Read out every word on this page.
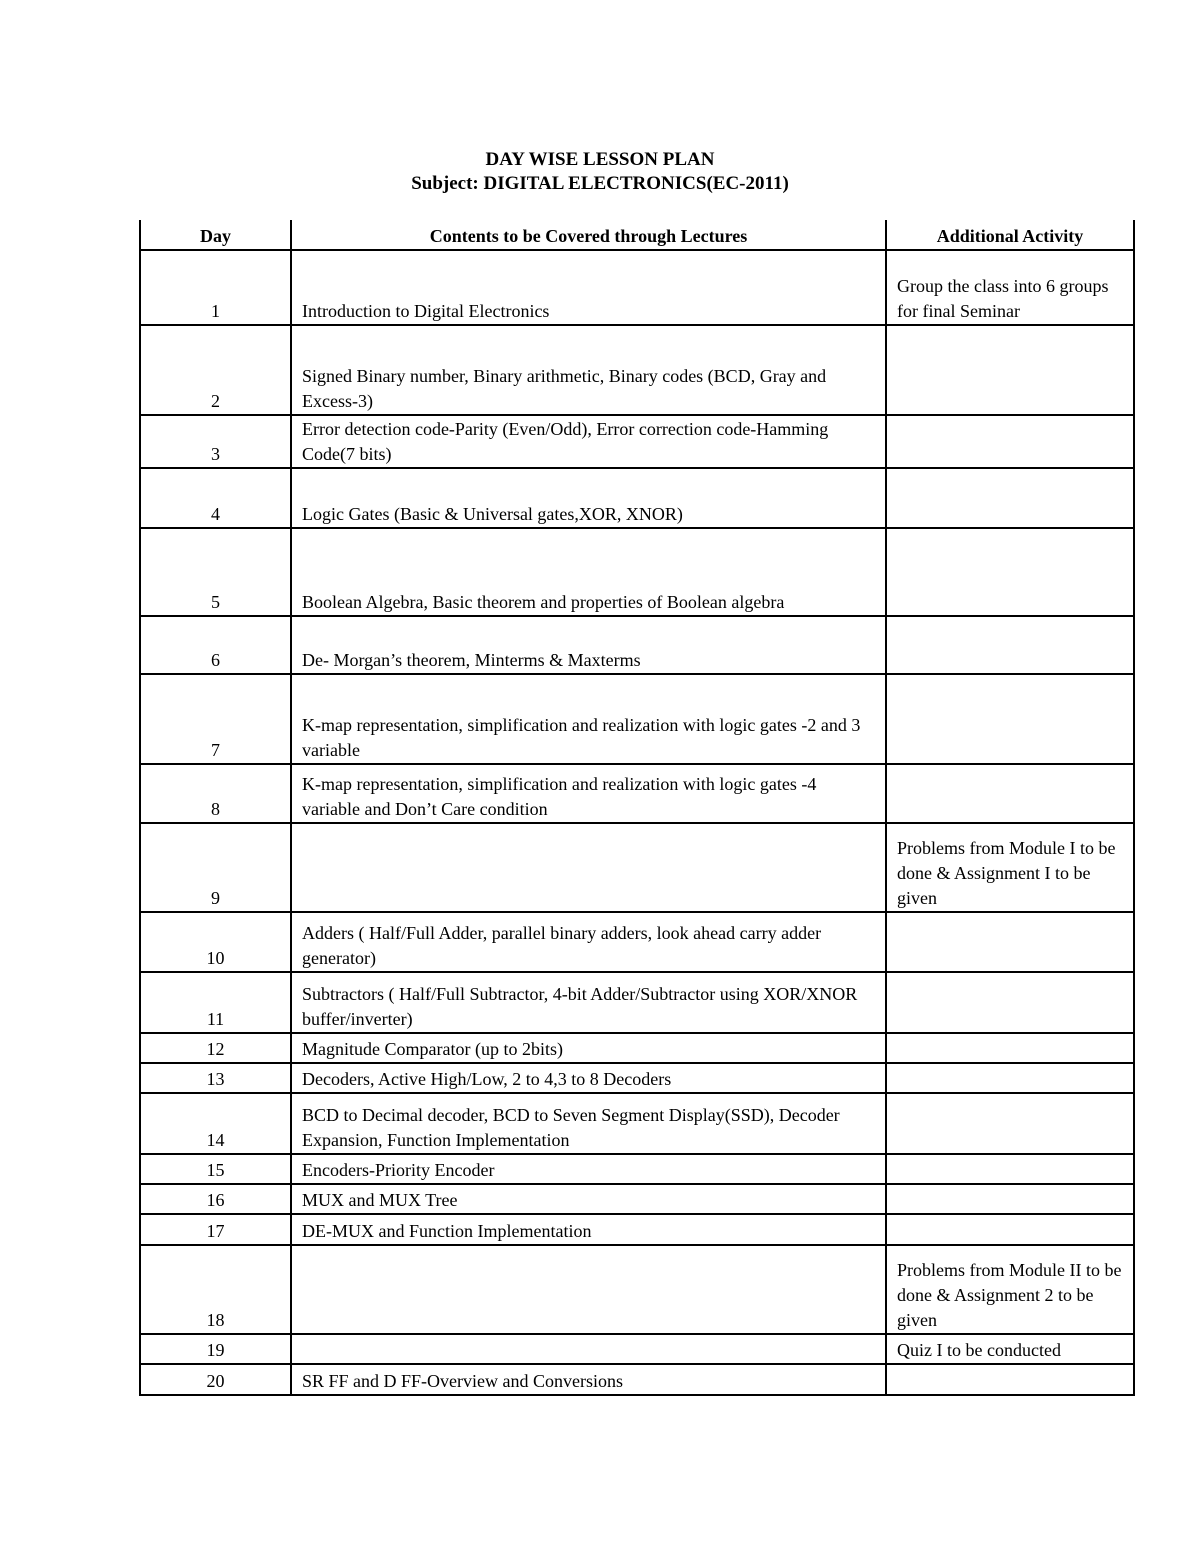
DAY WISE LESSON PLAN
Subject: DIGITAL ELECTRONICS(EC-2011)
Day	Contents to be Covered through Lectures	Additional Activity
1	Introduction to Digital Electronics	Group the class into 6 groups for final Seminar
2	Signed Binary number, Binary arithmetic, Binary codes (BCD, Gray and Excess-3)	
3	Error detection code-Parity (Even/Odd), Error correction code-Hamming Code(7 bits)	
4	Logic Gates (Basic & Universal gates,XOR, XNOR)	
5	Boolean Algebra, Basic theorem and properties of Boolean algebra	
6	De- Morgan’s theorem, Minterms & Maxterms	
7	K-map representation, simplification and realization with logic gates -2 and 3 variable	
8	K-map representation, simplification and realization with logic gates -4 variable and Don’t Care condition	
9		Problems from Module I to be done & Assignment I to be given
10	Adders ( Half/Full Adder, parallel binary adders, look ahead carry adder generator)	
11	Subtractors ( Half/Full Subtractor, 4-bit Adder/Subtractor using XOR/XNOR buffer/inverter)	
12	Magnitude Comparator (up to 2bits)	
13	Decoders, Active High/Low, 2 to 4,3 to 8 Decoders	
14	BCD to Decimal decoder, BCD to Seven Segment Display(SSD), Decoder Expansion, Function Implementation	
15	Encoders-Priority Encoder	
16	MUX and MUX Tree	
17	DE-MUX and Function Implementation	
18		Problems from Module II to be done & Assignment 2 to be given
19		Quiz I to be conducted
20	SR FF and D FF-Overview and Conversions	
